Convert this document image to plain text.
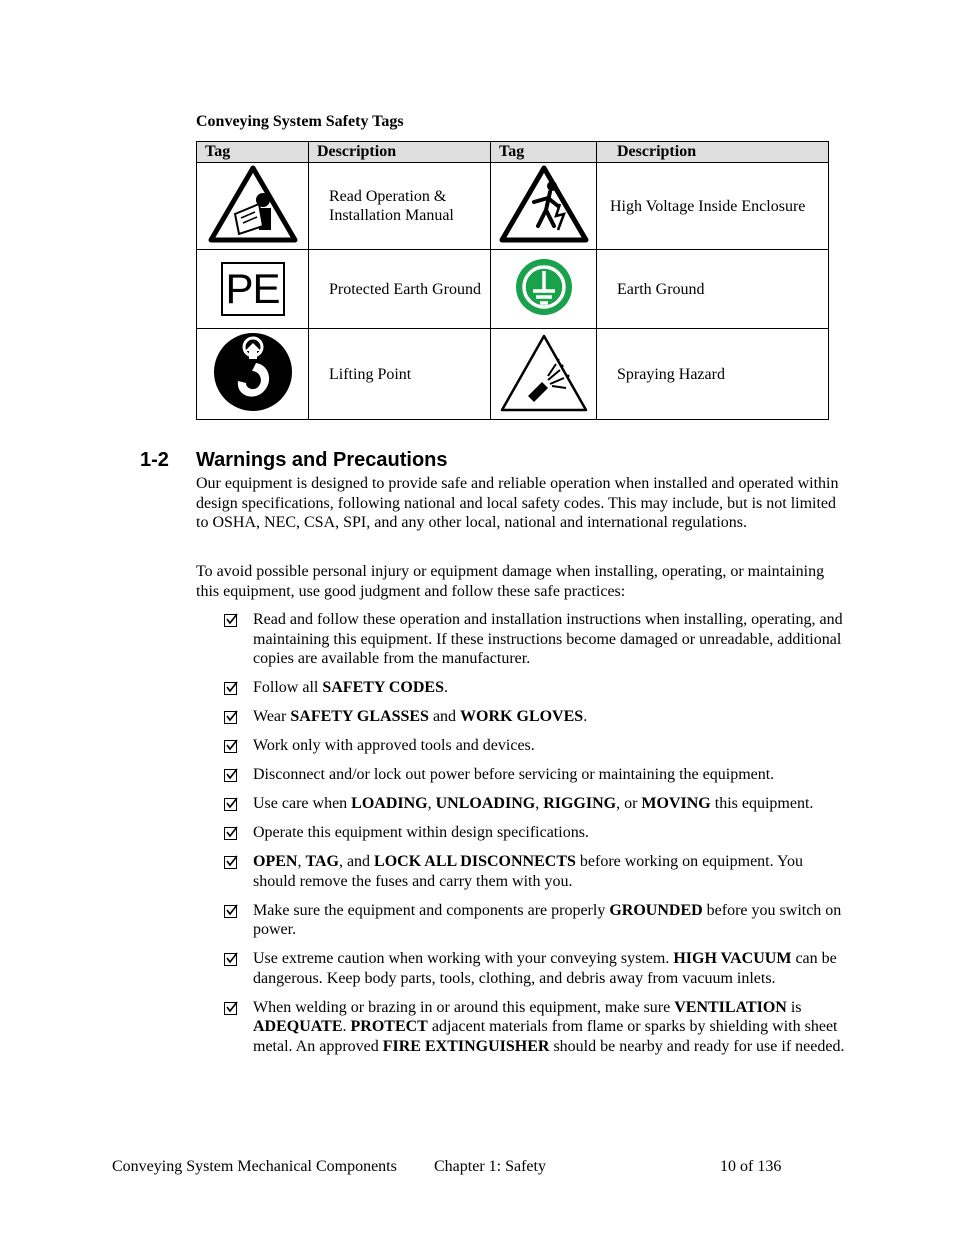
Conveying System Safety Tags
Tag	Description	Tag	Description
	Read Operation & Installation Manual		High Voltage Inside Enclosure
PE	Protected Earth Ground		Earth Ground
	Lifting Point		Spraying Hazard
1-2 Warnings and Precautions

Our equipment is designed to provide safe and reliable operation when installed and operated within design specifications, following national and local safety codes. This may include, but is not limited to OSHA, NEC, CSA, SPI, and any other local, national and international regulations.

To avoid possible personal injury or equipment damage when installing, operating, or maintaining this equipment, use good judgment and follow these safe practices:

Read and follow these operation and installation instructions when installing, operating, and maintaining this equipment. If these instructions become damaged or unreadable, additional copies are available from the manufacturer.
Follow all SAFETY CODES.
Wear SAFETY GLASSES and WORK GLOVES.
Work only with approved tools and devices.
Disconnect and/or lock out power before servicing or maintaining the equipment.
Use care when LOADING, UNLOADING, RIGGING, or MOVING this equipment.
Operate this equipment within design specifications.
OPEN, TAG, and LOCK ALL DISCONNECTS before working on equipment. You should remove the fuses and carry them with you.
Make sure the equipment and components are properly GROUNDED before you switch on power.
Use extreme caution when working with your conveying system. HIGH VACUUM can be dangerous. Keep body parts, tools, clothing, and debris away from vacuum inlets.
When welding or brazing in or around this equipment, make sure VENTILATION is ADEQUATE. PROTECT adjacent materials from flame or sparks by shielding with sheet metal. An approved FIRE EXTINGUISHER should be nearby and ready for use if needed.
Conveying System Mechanical Components Chapter 1: Safety	10 of 136
